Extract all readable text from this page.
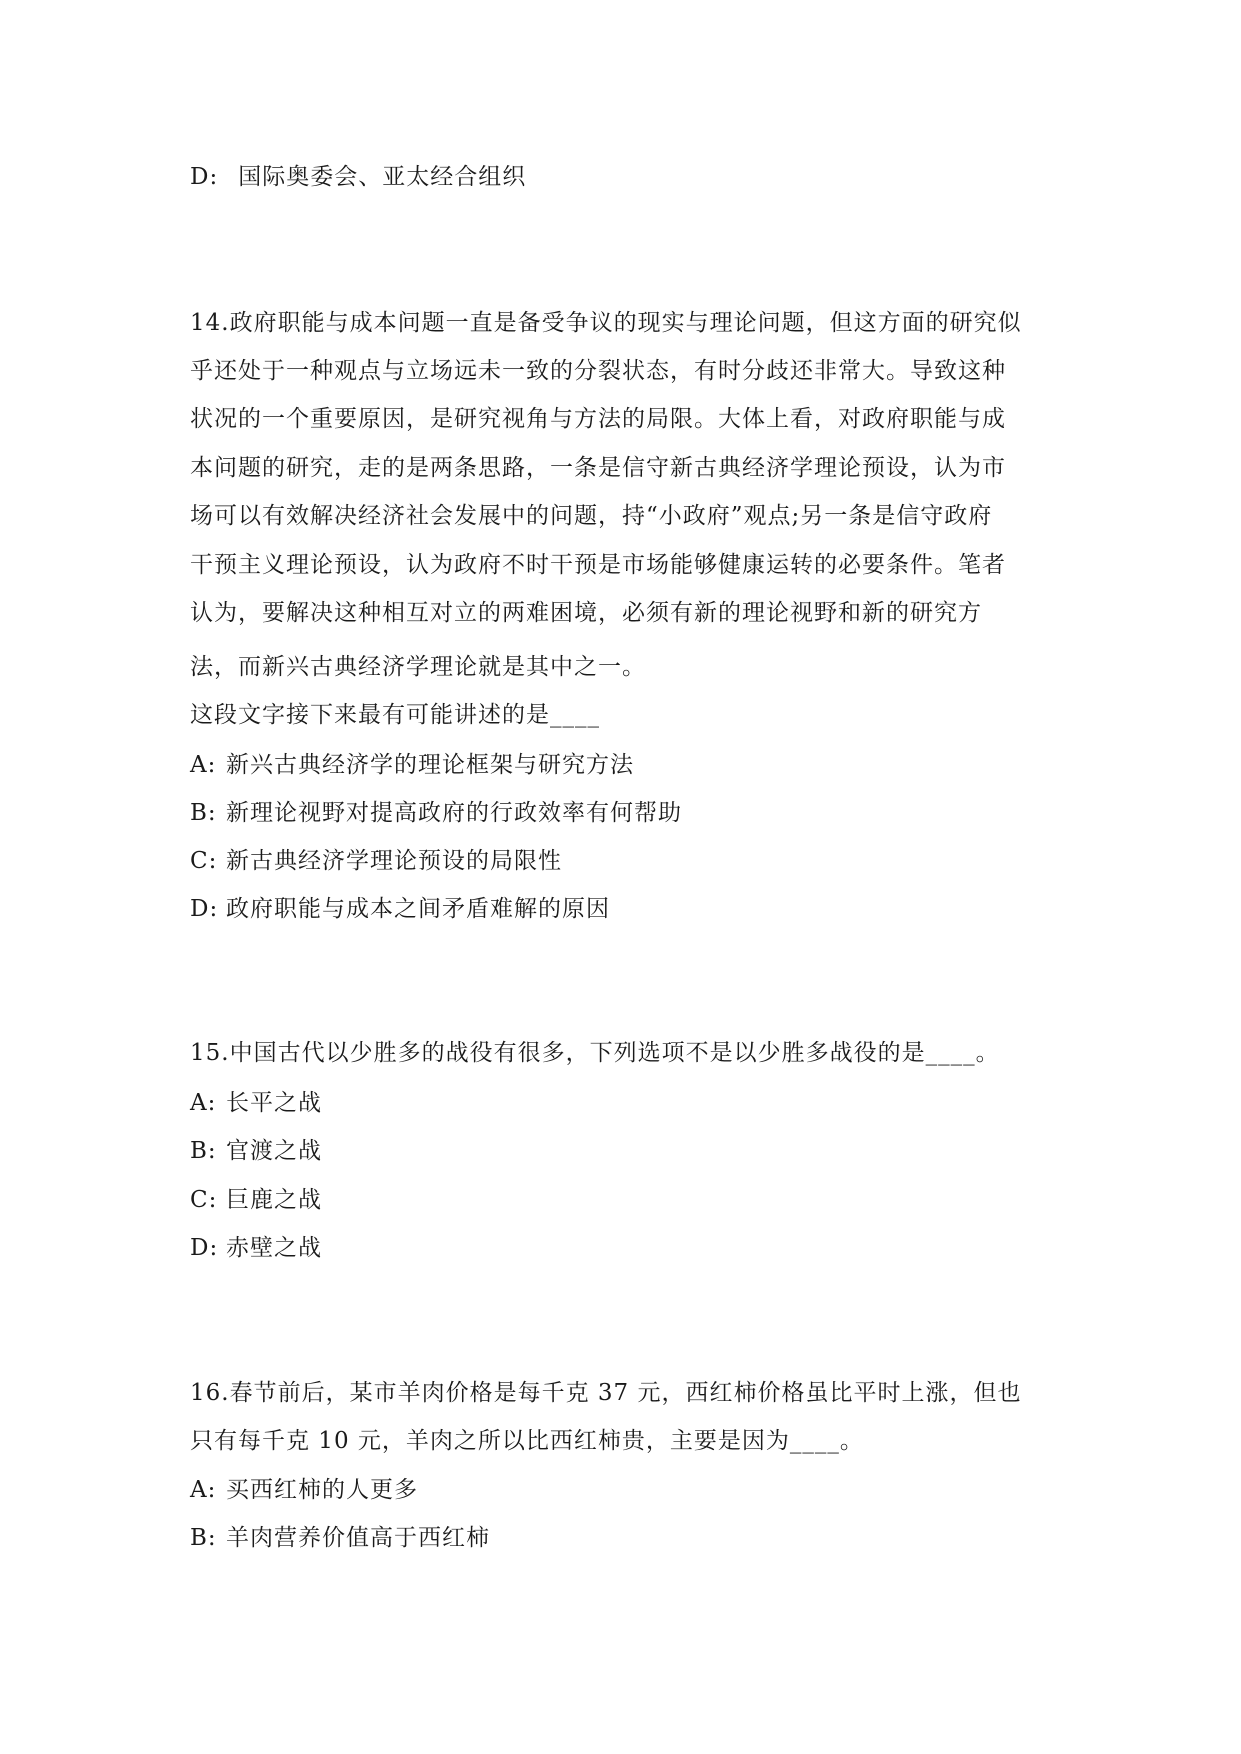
D: 国际奥委会、亚太经合组织
14.政府职能与成本问题一直是备受争议的现实与理论问题，但这方面的研究似
乎还处于一种观点与立场远未一致的分裂状态，有时分歧还非常大。导致这种
状况的一个重要原因，是研究视角与方法的局限。大体上看，对政府职能与成
本问题的研究，走的是两条思路，一条是信守新古典经济学理论预设，认为市
场可以有效解决经济社会发展中的问题，持“小政府”观点;另一条是信守政府
干预主义理论预设，认为政府不时干预是市场能够健康运转的必要条件。笔者
认为，要解决这种相互对立的两难困境，必须有新的理论视野和新的研究方
法，而新兴古典经济学理论就是其中之一。
这段文字接下来最有可能讲述的是____
A: 新兴古典经济学的理论框架与研究方法
B: 新理论视野对提高政府的行政效率有何帮助
C: 新古典经济学理论预设的局限性
D: 政府职能与成本之间矛盾难解的原因
15.中国古代以少胜多的战役有很多，下列选项不是以少胜多战役的是____。
A: 长平之战
B: 官渡之战
C: 巨鹿之战
D: 赤壁之战
16.春节前后，某市羊肉价格是每千克 37 元，西红柿价格虽比平时上涨，但也
只有每千克 10 元，羊肉之所以比西红柿贵，主要是因为____。
A: 买西红柿的人更多
B: 羊肉营养价值高于西红柿
